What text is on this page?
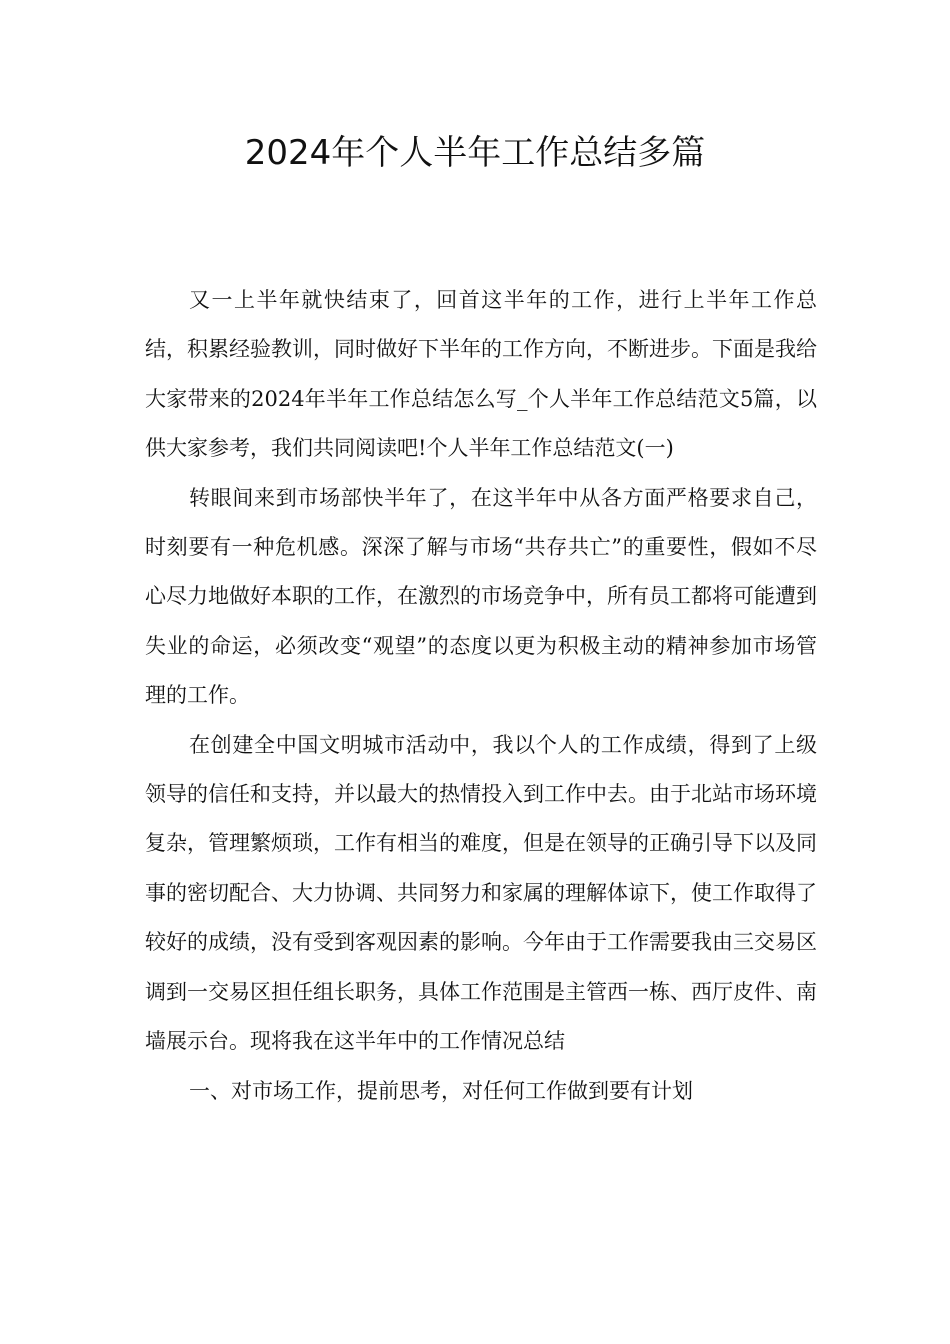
2024年个人半年工作总结多篇

又一上半年就快结束了，回首这半年的工作，进行上半年工作总结，积累经验教训，同时做好下半年的工作方向，不断进步。下面是我给大家带来的2024年半年工作总结怎么写_个人半年工作总结范文5篇，以供大家参考，我们共同阅读吧!个人半年工作总结范文(一)

转眼间来到市场部快半年了，在这半年中从各方面严格要求自己，时刻要有一种危机感。深深了解与市场“共存共亡”的重要性，假如不尽心尽力地做好本职的工作，在激烈的市场竞争中，所有员工都将可能遭到失业的命运，必须改变“观望”的态度以更为积极主动的精神参加市场管理的工作。

在创建全中国文明城市活动中，我以个人的工作成绩，得到了上级领导的信任和支持，并以最大的热情投入到工作中去。由于北站市场环境复杂，管理繁烦琐，工作有相当的难度，但是在领导的正确引导下以及同事的密切配合、大力协调、共同努力和家属的理解体谅下，使工作取得了较好的成绩，没有受到客观因素的影响。今年由于工作需要我由三交易区调到一交易区担任组长职务，具体工作范围是主管西一栋、西厅皮件、南墙展示台。现将我在这半年中的工作情况总结

一、对市场工作，提前思考，对任何工作做到要有计划
